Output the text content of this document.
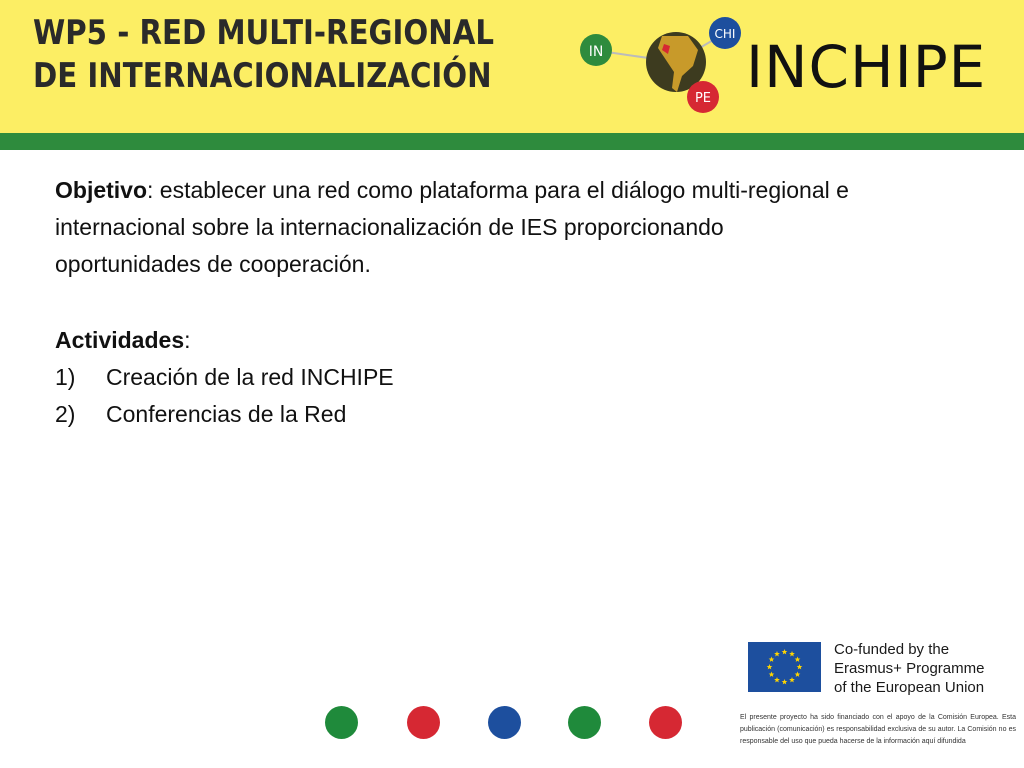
WP5 - RED MULTI-REGIONAL
DE INTERNACIONALIZACIÓN
IN
CHI
PE INCHIPE
Objetivo: establecer una red como plataforma para el diálogo multi-regional e internacional sobre la internacionalización de IES proporcionando oportunidades de cooperación.
Actividades:
1)	Creación de la red INCHIPE
2)	Conferencias de la Red
Co-funded by the
Erasmus+ Programme
of the European Union
El presente proyecto ha sido financiado con el apoyo de la Comisión Europea. Esta publicación (comunicación) es responsabilidad exclusiva de su autor. La Comisión no es responsable del uso que pueda hacerse de la información aquí difundida
